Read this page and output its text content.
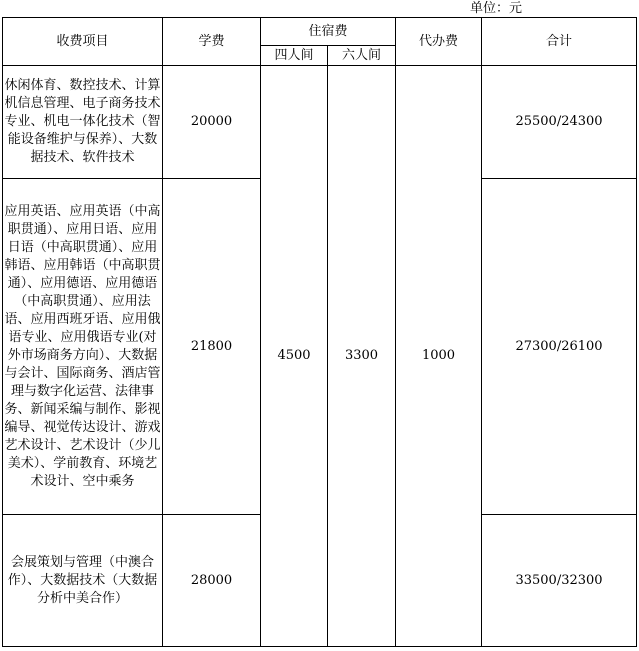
单位：元
收费项目	学费	住宿费		代办费	合计
		四人间	六人间		
休闲体育、数控技术、计算机信息管理、电子商务技术专业、机电一体化技术（智能设备维护与保养）、大数据技术、软件技术	20000	4500	3300	1000	25500/24300
应用英语、应用英语（中高职贯通）、应用日语、应用日语（中高职贯通）、应用韩语、应用韩语（中高职贯通）、应用德语、应用德语（中高职贯通）、应用法语、应用西班牙语、应用俄语专业、应用俄语专业(对外市场商务方向）、大数据与会计、国际商务、酒店管理与数字化运营、法律事务、新闻采编与制作、影视编导、视觉传达设计、游戏艺术设计、艺术设计（少儿美术）、学前教育、环境艺术设计、空中乘务	21800				27300/26100
会展策划与管理（中澳合作）、大数据技术（大数据分析中美合作）	28000				33500/32300
